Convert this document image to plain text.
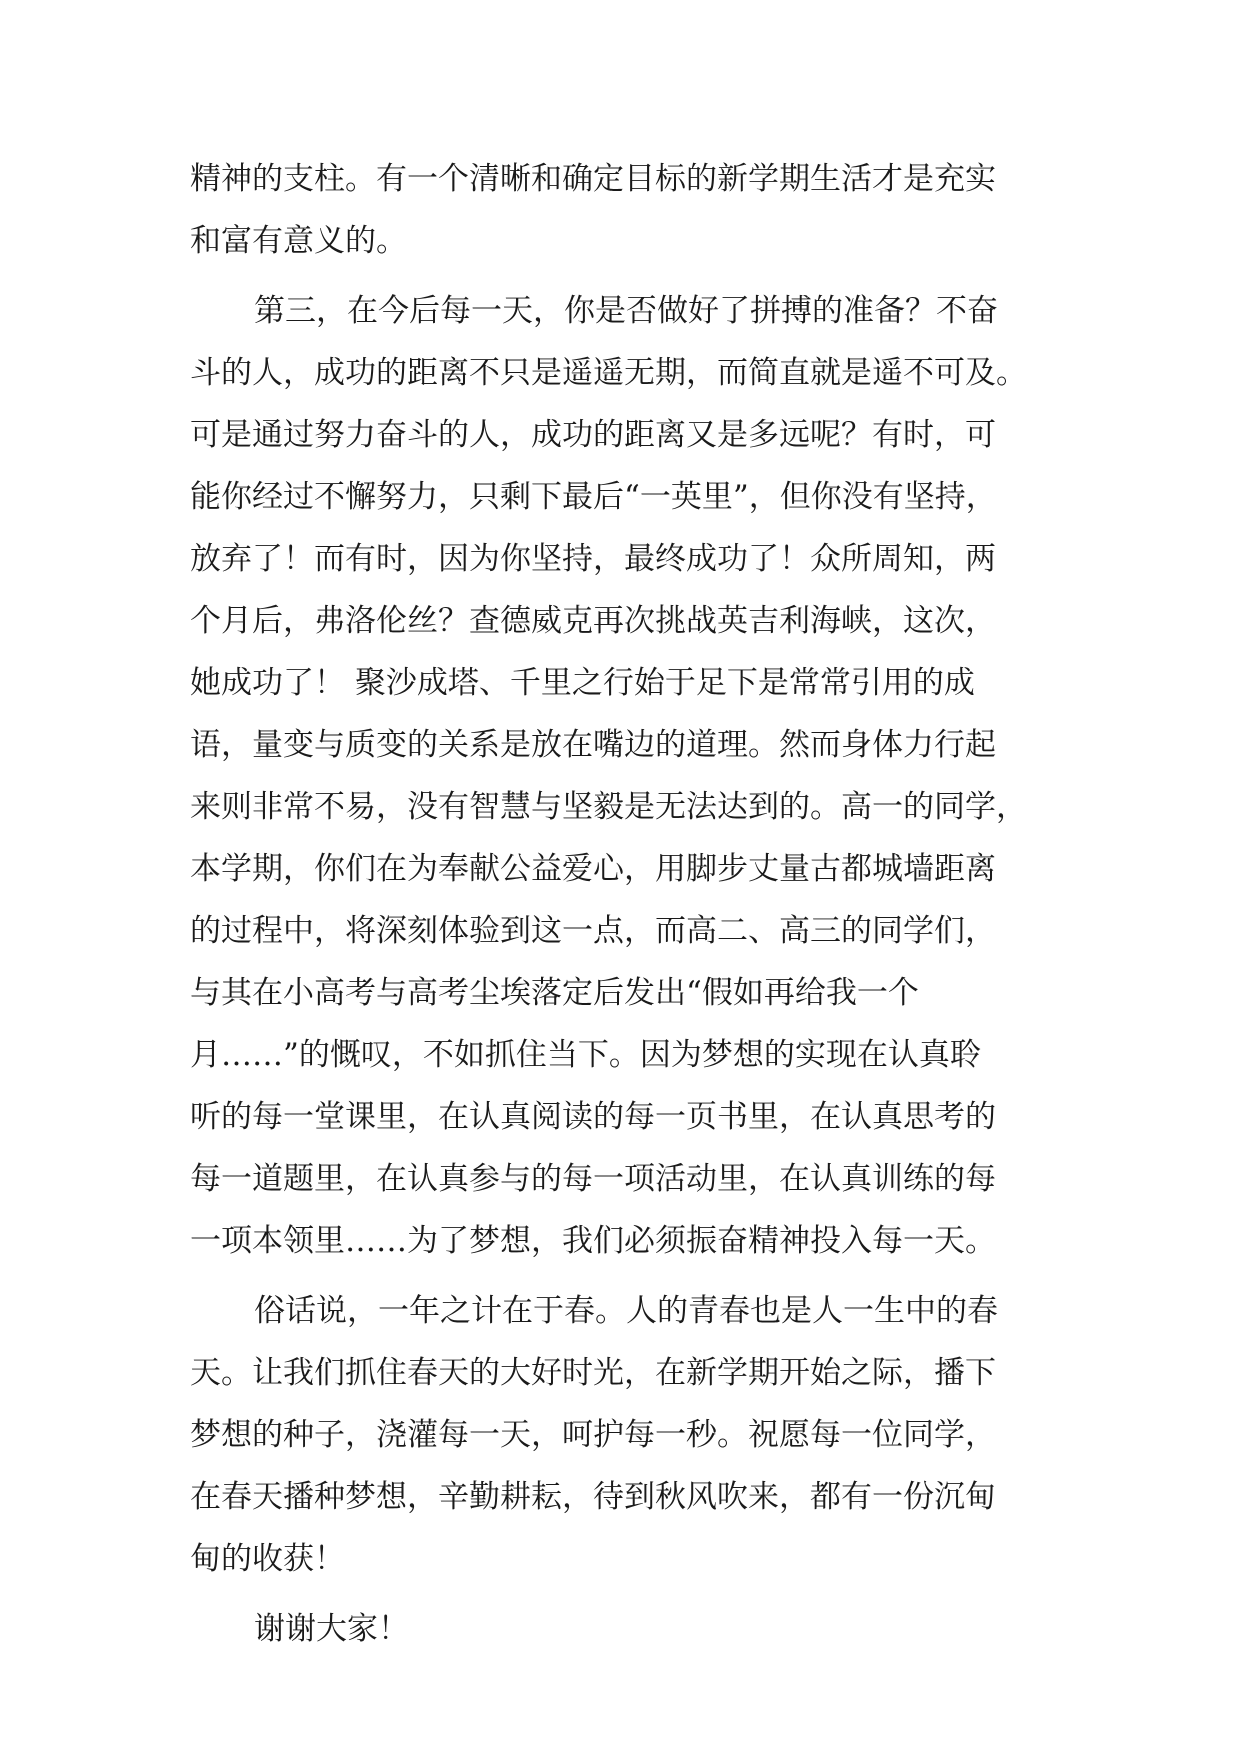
精神的支柱。有一个清晰和确定目标的新学期生活才是充实
和富有意义的。
第三，在今后每一天，你是否做好了拼搏的准备？不奋
斗的人，成功的距离不只是遥遥无期，而简直就是遥不可及。
可是通过努力奋斗的人，成功的距离又是多远呢？有时，可
能你经过不懈努力，只剩下最后“一英里”，但你没有坚持，
放弃了！而有时，因为你坚持，最终成功了！众所周知，两
个月后，弗洛伦丝？查德威克再次挑战英吉利海峡，这次，
她成功了！ 聚沙成塔、千里之行始于足下是常常引用的成
语，量变与质变的关系是放在嘴边的道理。然而身体力行起
来则非常不易，没有智慧与坚毅是无法达到的。高一的同学，
本学期，你们在为奉献公益爱心，用脚步丈量古都城墙距离
的过程中，将深刻体验到这一点，而高二、高三的同学们，
与其在小高考与高考尘埃落定后发出“假如再给我一个
月……”的慨叹，不如抓住当下。因为梦想的实现在认真聆
听的每一堂课里，在认真阅读的每一页书里，在认真思考的
每一道题里，在认真参与的每一项活动里，在认真训练的每
一项本领里……为了梦想，我们必须振奋精神投入每一天。
俗话说，一年之计在于春。人的青春也是人一生中的春
天。让我们抓住春天的大好时光，在新学期开始之际，播下
梦想的种子，浇灌每一天，呵护每一秒。祝愿每一位同学，
在春天播种梦想，辛勤耕耘，待到秋风吹来，都有一份沉甸
甸的收获！
谢谢大家！
